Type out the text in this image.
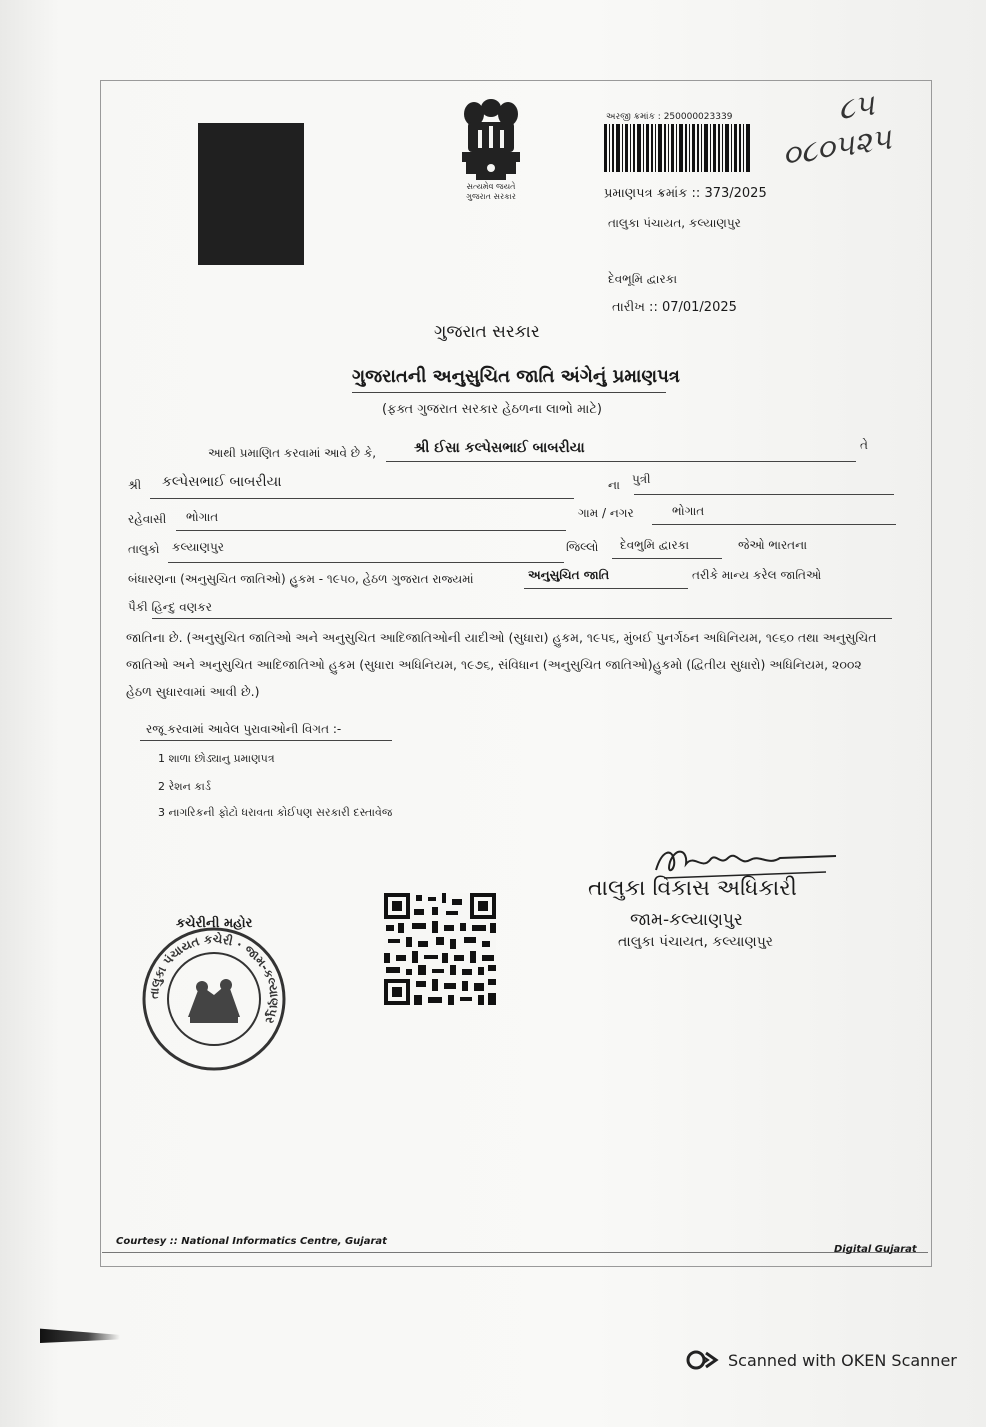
સત્યમેવ જયતે
ગુજરાત સરકાર
અરજી ક્રમાંક : 250000023339	૮૫
૦૮૦૫૨૫
પ્રમાણપત્ર ક્રમાંક :: 373/2025
તાલુકા પંચાયત, કલ્યાણપુર
દેવભૂમિ દ્વારકા
તારીખ :: 07/01/2025
ગુજરાત સરકાર
ગુજરાતની અનુસુચિત જાતિ અંગેનું પ્રમાણપત્ર
(ફક્ત ગુજરાત સરકાર હેઠળના લાભો માટે)
આથી પ્રમાણિત કરવામાં આવે છે કે,	શ્રી ઈસા કલ્પેસભાઈ બાબરીયા	તે
શ્રી કલ્પેસભાઈ બાબરીયા	ના પુત્રી
રહેવાસી ભોગાત	ગામ / નગર	ભોગાત
તાલુકો કલ્યાણપુર	જિલ્લો દેવભુમિ દ્વારકા	જેઓ ભારતના
બંધારણના (અનુસુચિત જાતિઓ) હુકમ - ૧૯૫૦, હેઠળ ગુજરાત રાજ્યમાં	અનુસુચિત જાતિ	તરીકે માન્ય કરેલ જાતિઓ
પૈકી હિન્દુ વણકર
જાતિના છે. (અનુસુચિત જાતિઓ અને અનુસુચિત આદિજાતિઓની યાદીઓ (સુધારા) હુકમ, ૧૯૫૬, મુંબઈ પુનર્ગઠન અધિનિયમ, ૧૯૬૦ તથા અનુસુચિત જાતિઓ અને અનુસુચિત આદિજાતિઓ હુકમ (સુધારા અધિનિયમ, ૧૯૭૬, સંવિધાન (અનુસુચિત જાતિઓ)હુકમો (દ્વિતીય સુધારો) અધિનિયમ, ૨૦૦૨ હેઠળ સુધારવામાં આવી છે.)
રજૂ કરવામાં આવેલ પુરાવાઓની વિગત :-
1 શાળા છોડ્યાનુ પ્રમાણપત્ર
2 રેશન કાર્ડ
3 નાગરિકની ફોટો ધરાવતા કોઈપણ સરકારી દસ્તાવેજ
તાલુકા વિકાસ અધિકારી
જામ-કલ્યાણપુર
તાલુકા પંચાયત, કલ્યાણપુર
કચેરીની મહોર
તાલુકા પંચાયત કચેરી · જામ-કલ્યાણપુર
Courtesy :: National Informatics Centre, Gujarat
Digital Gujarat
Scanned with OKEN Scanner
